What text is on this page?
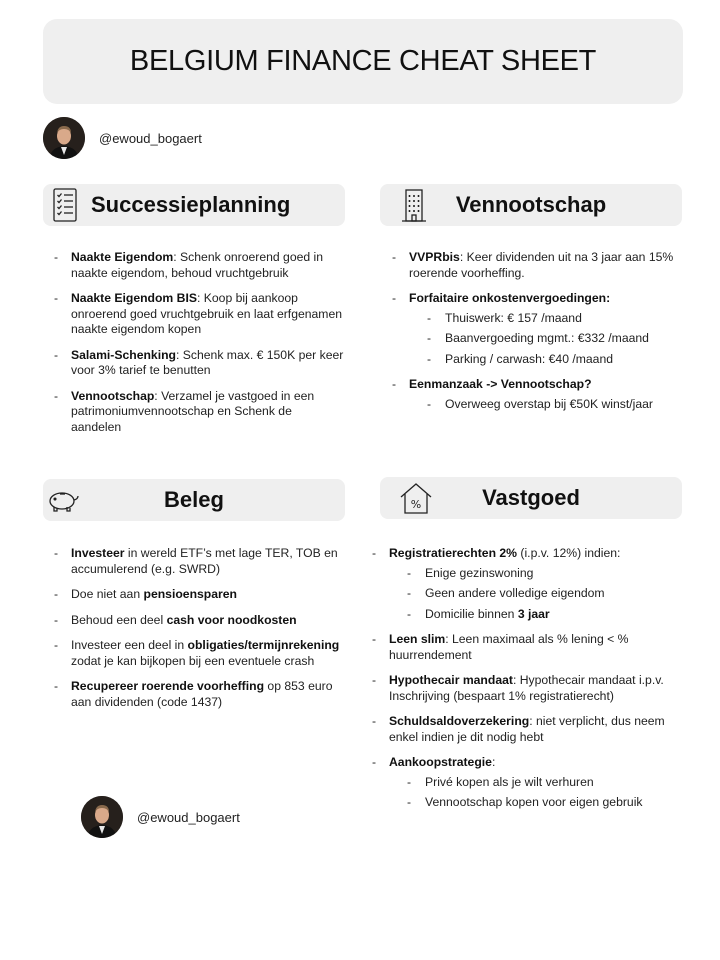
BELGIUM FINANCE CHEAT SHEET
@ewoud_bogaert
Successieplanning
- Naakte Eigendom: Schenk onroerend goed in naakte eigendom, behoud vruchtgebruik
- Naakte Eigendom BIS: Koop bij aankoop onroerend goed vruchtgebruik en laat erfgenamen naakte eigendom kopen
- Salami-Schenking: Schenk max. € 150K per keer voor 3% tarief te benutten
- Vennootschap: Verzamel je vastgoed in een patrimoniumvennootschap en Schenk de aandelen
Vennootschap
- VVPRbis: Keer dividenden uit na 3 jaar aan 15% roerende voorheffing.
- Forfaitaire onkostenvergoedingen:
- Thuiswerk: € 157 /maand
- Baanvergoeding mgmt.: €332 /maand
- Parking / carwash: €40 /maand
- Eenmanzaak -> Vennootschap?
- Overweeg overstap bij €50K winst/jaar
Beleg
- Investeer in wereld ETF’s met lage TER, TOB en accumulerend (e.g. SWRD)
- Doe niet aan pensioensparen
- Behoud een deel cash voor noodkosten
- Investeer een deel in obligaties/termijnrekening zodat je kan bijkopen bij een eventuele crash
- Recupereer roerende voorheffing op 853 euro aan dividenden (code 1437)
%	Vastgoed
- Registratierechten 2% (i.p.v. 12%) indien:
- Enige gezinswoning
- Geen andere volledige eigendom
- Domicilie binnen 3 jaar
- Leen slim: Leen maximaal als % lening < % huurrendement
- Hypothecair mandaat: Hypothecair mandaat i.p.v. Inschrijving (bespaart 1% registratierecht)
- Schuldsaldoverzekering: niet verplicht, dus neem enkel indien je dit nodig hebt
- Aankoopstrategie:
- Privé kopen als je wilt verhuren
- Vennootschap kopen voor eigen gebruik
@ewoud_bogaert
